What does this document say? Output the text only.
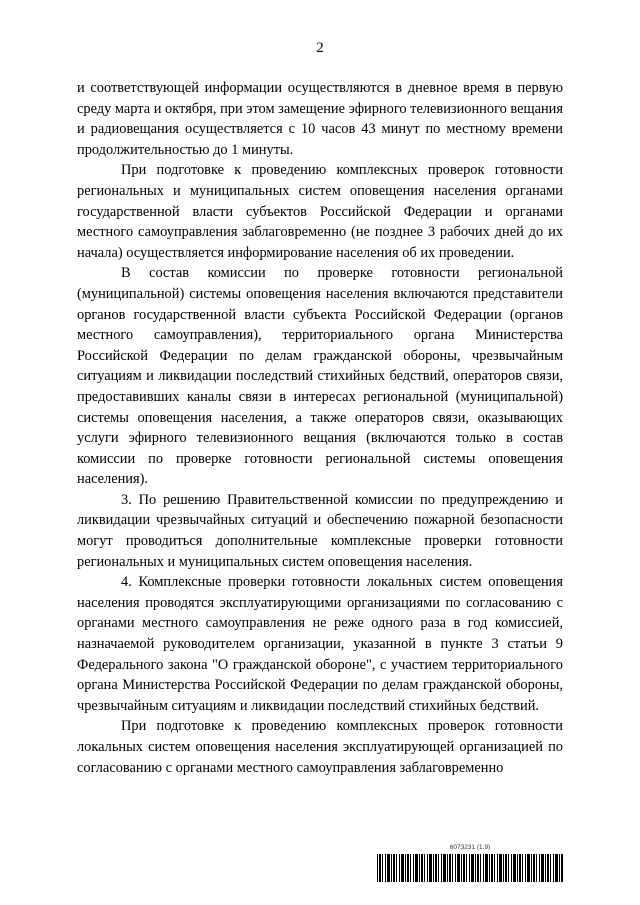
2

и соответствующей информации осуществляются в дневное время в первую среду марта и октября, при этом замещение эфирного телевизионного вещания и радиовещания осуществляется с 10 часов 43 минут по местному времени продолжительностью до 1 минуты.

При подготовке к проведению комплексных проверок готовности региональных и муниципальных систем оповещения населения органами государственной власти субъектов Российской Федерации и органами местного самоуправления заблаговременно (не позднее 3 рабочих дней до их начала) осуществляется информирование населения об их проведении.

В состав комиссии по проверке готовности региональной (муниципальной) системы оповещения населения включаются представители органов государственной власти субъекта Российской Федерации (органов местного самоуправления), территориального органа Министерства Российской Федерации по делам гражданской обороны, чрезвычайным ситуациям и ликвидации последствий стихийных бедствий, операторов связи, предоставивших каналы связи в интересах региональной (муниципальной) системы оповещения населения, а также операторов связи, оказывающих услуги эфирного телевизионного вещания (включаются только в состав комиссии по проверке готовности региональной системы оповещения населения).

3. По решению Правительственной комиссии по предупреждению и ликвидации чрезвычайных ситуаций и обеспечению пожарной безопасности могут проводиться дополнительные комплексные проверки готовности региональных и муниципальных систем оповещения населения.

4. Комплексные проверки готовности локальных систем оповещения населения проводятся эксплуатирующими организациями по согласованию с органами местного самоуправления не реже одного раза в год комиссией, назначаемой руководителем организации, указанной в пункте 3 статьи 9 Федерального закона "О гражданской обороне", с участием территориального органа Министерства Российской Федерации по делам гражданской обороны, чрезвычайным ситуациям и ликвидации последствий стихийных бедствий.

При подготовке к проведению комплексных проверок готовности локальных систем оповещения населения эксплуатирующей организацией по согласованию с органами местного самоуправления заблаговременно

6073231 (1.9)
